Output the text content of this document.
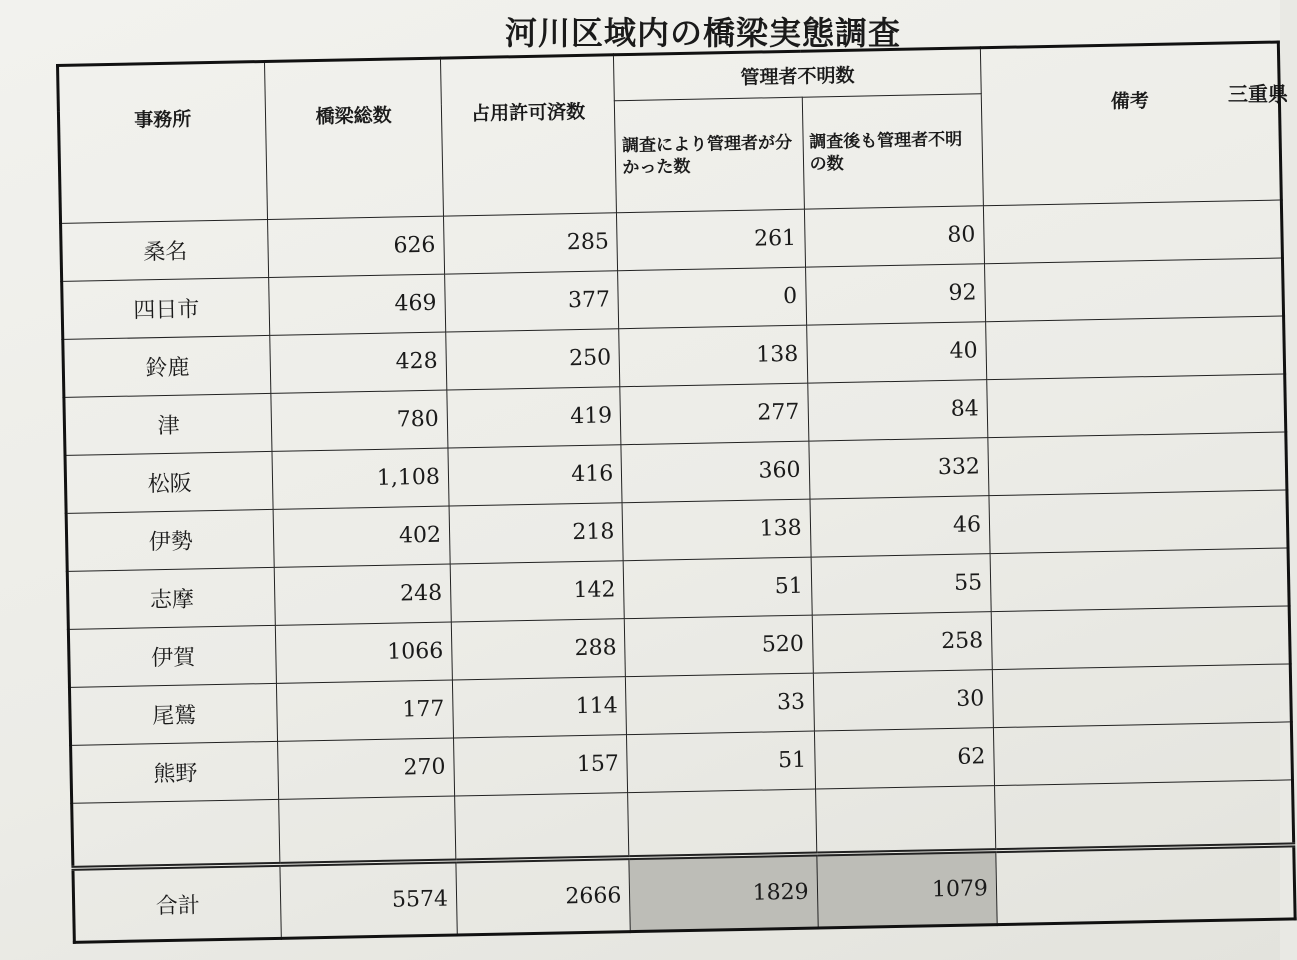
河川区域内の橋梁実態調査
三重県
事務所	橋梁総数	占用許可済数	管理者不明数		備考
			調査により管理者が分かった数	調査後も管理者不明の数	
桑名	626	285	261	80	
四日市	469	377	0	92	
鈴鹿	428	250	138	40	
津	780	419	277	84	
松阪	1,108	416	360	332	
伊勢	402	218	138	46	
志摩	248	142	51	55	
伊賀	1066	288	520	258	
尾鷲	177	114	33	30	
熊野	270	157	51	62	

合計	5574	2666	1829	1079	
